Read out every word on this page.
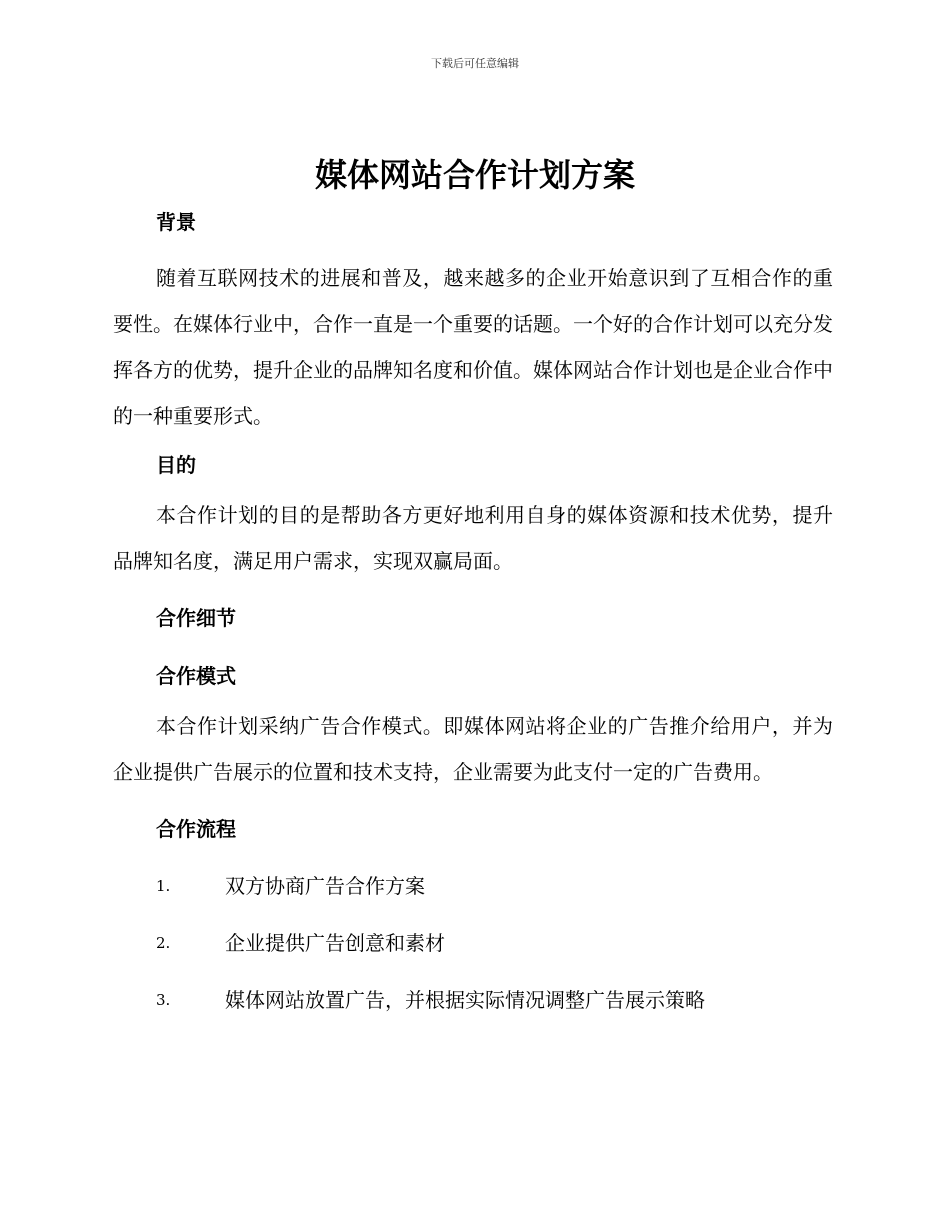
下载后可任意编辑
媒体网站合作计划方案
背景
随着互联网技术的进展和普及，越来越多的企业开始意识到了互相合作的重要性。在媒体行业中，合作一直是一个重要的话题。一个好的合作计划可以充分发挥各方的优势，提升企业的品牌知名度和价值。媒体网站合作计划也是企业合作中的一种重要形式。
目的
本合作计划的目的是帮助各方更好地利用自身的媒体资源和技术优势，提升品牌知名度，满足用户需求，实现双赢局面。
合作细节
合作模式
本合作计划采纳广告合作模式。即媒体网站将企业的广告推介给用户，并为企业提供广告展示的位置和技术支持，企业需要为此支付一定的广告费用。
合作流程
1.	双方协商广告合作方案
2.	企业提供广告创意和素材
3.	媒体网站放置广告，并根据实际情况调整广告展示策略
